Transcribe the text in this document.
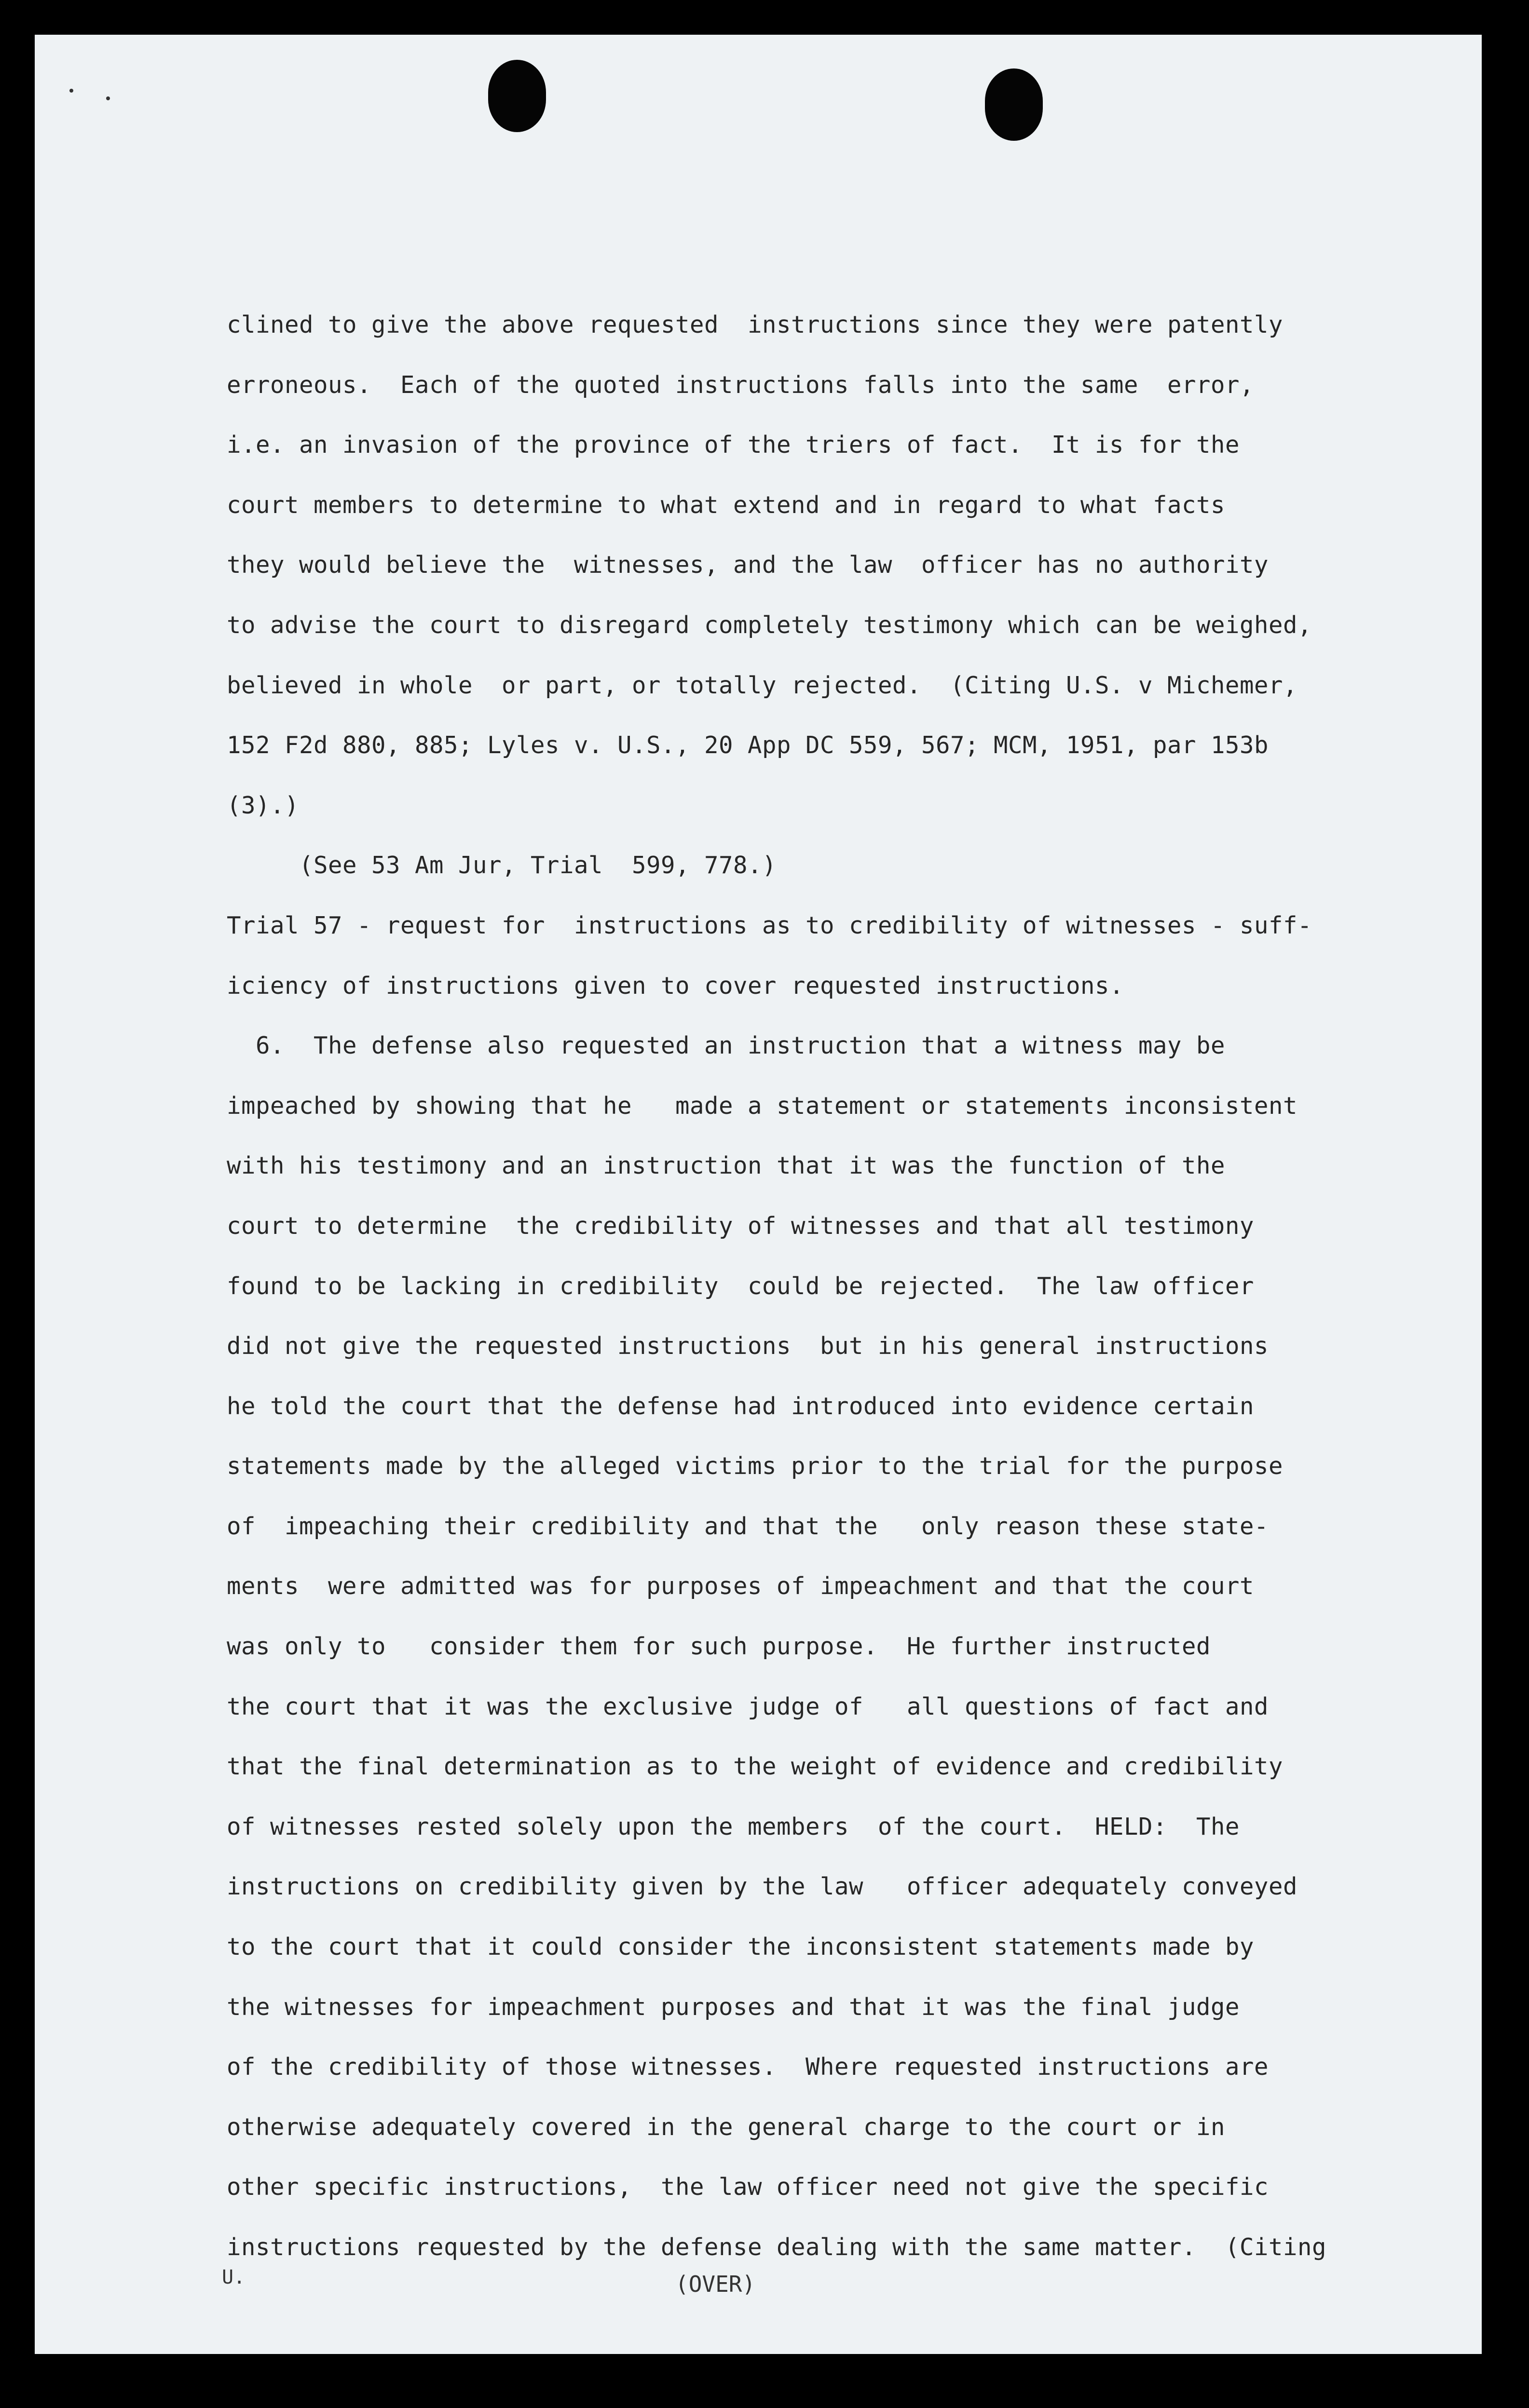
clined to give the above requested  instructions since they were patently
erroneous.  Each of the quoted instructions falls into the same  error,
i.e. an invasion of the province of the triers of fact.  It is for the
court members to determine to what extend and in regard to what facts
they would believe the  witnesses, and the law  officer has no authority
to advise the court to disregard completely testimony which can be weighed,
believed in whole  or part, or totally rejected.  (Citing U.S. v Michemer,
152 F2d 880, 885; Lyles v. U.S., 20 App DC 559, 567; MCM, 1951, par 153b
(3).)
(See 53 Am Jur, Trial  599, 778.)
Trial 57 - request for  instructions as to credibility of witnesses - suff-
iciency of instructions given to cover requested instructions.
6.  The defense also requested an instruction that a witness may be
impeached by showing that he   made a statement or statements inconsistent
with his testimony and an instruction that it was the function of the
court to determine  the credibility of witnesses and that all testimony
found to be lacking in credibility  could be rejected.  The law officer
did not give the requested instructions  but in his general instructions
he told the court that the defense had introduced into evidence certain
statements made by the alleged victims prior to the trial for the purpose
of  impeaching their credibility and that the   only reason these state-
ments  were admitted was for purposes of impeachment and that the court
was only to   consider them for such purpose.  He further instructed
the court that it was the exclusive judge of   all questions of fact and
that the final determination as to the weight of evidence and credibility
of witnesses rested solely upon the members  of the court.  HELD:  The
instructions on credibility given by the law   officer adequately conveyed
to the court that it could consider the inconsistent statements made by
the witnesses for impeachment purposes and that it was the final judge
of the credibility of those witnesses.  Where requested instructions are
otherwise adequately covered in the general charge to the court or in
other specific instructions,  the law officer need not give the specific
instructions requested by the defense dealing with the same matter.  (Citing
U.	(OVER)
